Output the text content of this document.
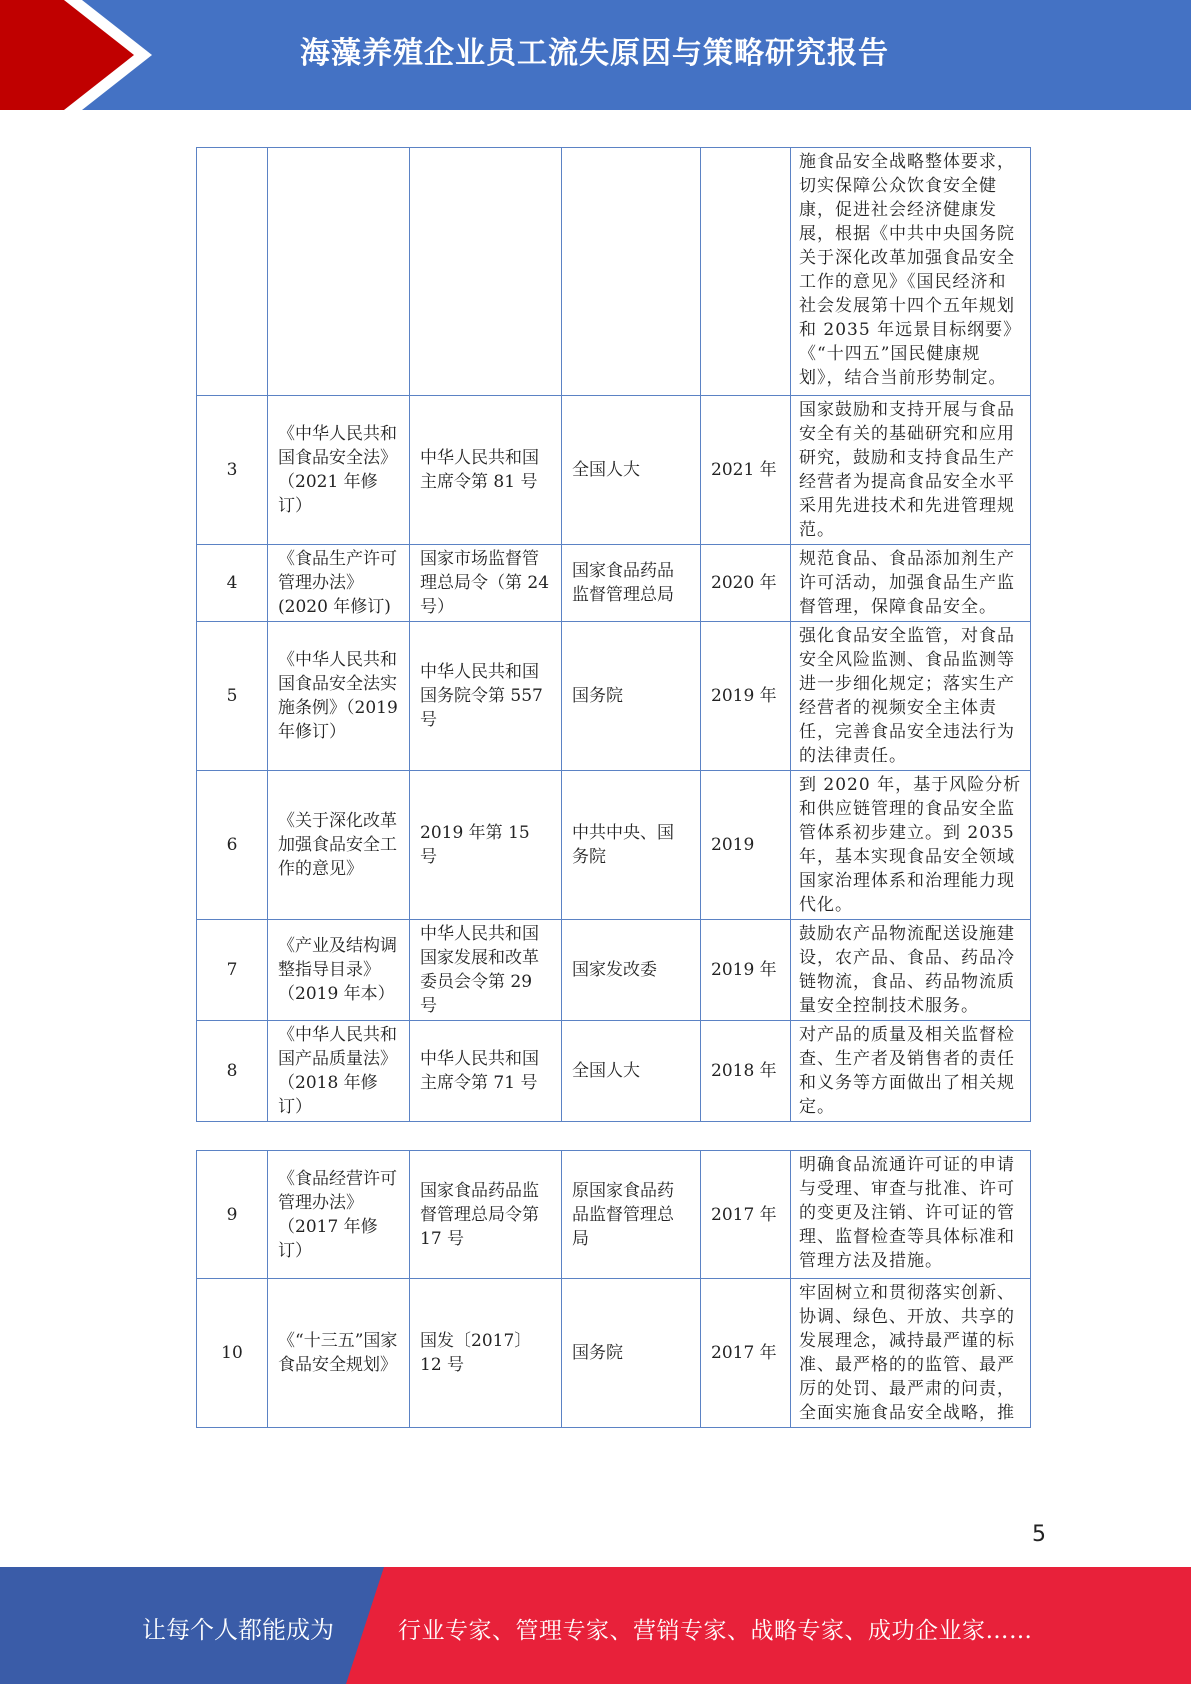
海藻养殖企业员工流失原因与策略研究报告
					施食品安全战略整体要求，切实保障公众饮食安全健康，促进社会经济健康发展，根据《中共中央国务院关于深化改革加强食品安全工作的意见》《国民经济和社会发展第十四个五年规划和 2035 年远景目标纲要》《“十四五”国民健康规划》，结合当前形势制定。
3	《中华人民共和国食品安全法》（2021 年修订）	中华人民共和国主席令第 81 号	全国人大	2021 年	国家鼓励和支持开展与食品安全有关的基础研究和应用研究，鼓励和支持食品生产经营者为提高食品安全水平采用先进技术和先进管理规范。
4	《食品生产许可管理办法》(2020 年修订)	国家市场监督管理总局令（第 24 号）	国家食品药品监督管理总局	2020 年	规范食品、食品添加剂生产许可活动，加强食品生产监督管理，保障食品安全。
5	《中华人民共和国食品安全法实施条例》（2019 年修订）	中华人民共和国国务院令第 557 号	国务院	2019 年	强化食品安全监管，对食品安全风险监测、食品监测等进一步细化规定；落实生产经营者的视频安全主体责任，完善食品安全违法行为的法律责任。
6	《关于深化改革加强食品安全工作的意见》	2019 年第 15 号	中共中央、国务院	2019	到 2020 年，基于风险分析和供应链管理的食品安全监管体系初步建立。到 2035 年，基本实现食品安全领域国家治理体系和治理能力现代化。
7	《产业及结构调整指导目录》（2019 年本）	中华人民共和国国家发展和改革委员会令第 29 号	国家发改委	2019 年	鼓励农产品物流配送设施建设，农产品、食品、药品冷链物流，食品、药品物流质量安全控制技术服务。
8	《中华人民共和国产品质量法》（2018 年修订）	中华人民共和国主席令第 71 号	全国人大	2018 年	对产品的质量及相关监督检查、生产者及销售者的责任和义务等方面做出了相关规定。
9	《食品经营许可管理办法》（2017 年修订）	国家食品药品监督管理总局令第 17 号	原国家食品药品监督管理总局	2017 年	明确食品流通许可证的申请与受理、审查与批准、许可的变更及注销、许可证的管理、监督检查等具体标准和管理方法及措施。
10	《“十三五”国家食品安全规划》	国发〔2017〕12 号	国务院	2017 年	牢固树立和贯彻落实创新、协调、绿色、开放、共享的发展理念，减持最严谨的标准、最严格的的监管、最严厉的处罚、最严肃的问责，全面实施食品安全战略，推
5
让每个人都能成为	行业专家、管理专家、营销专家、战略专家、成功企业家……
